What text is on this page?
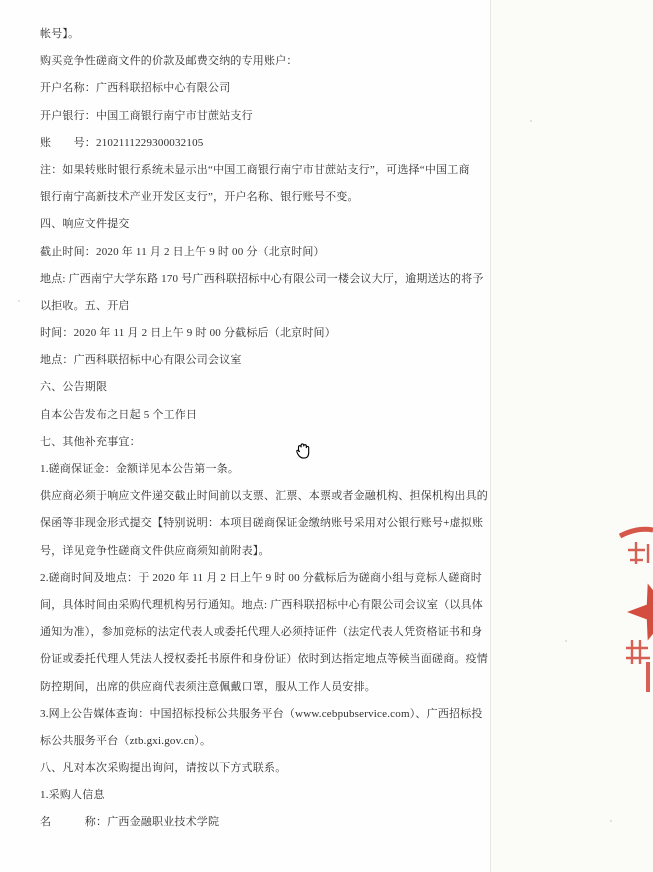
帐号】。
购买竞争性磋商文件的价款及邮费交纳的专用账户：
开户名称：广西科联招标中心有限公司
开户银行：中国工商银行南宁市甘蔗站支行
账　　号：2102111229300032105
注：如果转账时银行系统未显示出“中国工商银行南宁市甘蔗站支行”，可选择“中国工商
银行南宁高新技术产业开发区支行”，开户名称、银行账号不变。
四、响应文件提交
截止时间：2020 年 11 月 2 日上午 9 时 00 分（北京时间）
地点: 广西南宁大学东路 170 号广西科联招标中心有限公司一楼会议大厅，逾期送达的将予
以拒收。五、开启
时间：2020 年 11 月 2 日上午 9 时 00 分截标后（北京时间）
地点：广西科联招标中心有限公司会议室
六、公告期限
自本公告发布之日起 5 个工作日
七、其他补充事宜：
1.磋商保证金：金额详见本公告第一条。
供应商必须于响应文件递交截止时间前以支票、汇票、本票或者金融机构、担保机构出具的
保函等非现金形式提交【特别说明：本项目磋商保证金缴纳账号采用对公银行账号+虚拟账
号，详见竞争性磋商文件供应商须知前附表】。
2.磋商时间及地点：于 2020 年 11 月 2 日上午 9 时 00 分截标后为磋商小组与竞标人磋商时
间，具体时间由采购代理机构另行通知。地点: 广西科联招标中心有限公司会议室（以具体
通知为准），参加竞标的法定代表人或委托代理人必须持证件（法定代表人凭资格证书和身
份证或委托代理人凭法人授权委托书原件和身份证）依时到达指定地点等候当面磋商。疫情
防控期间，出席的供应商代表须注意佩戴口罩，服从工作人员安排。
3.网上公告媒体查询：中国招标投标公共服务平台（www.cebpubservice.com）、广西招标投
标公共服务平台（ztb.gxi.gov.cn）。
八、凡对本次采购提出询问，请按以下方式联系。
1.采购人信息
名　　　称：广西金融职业技术学院
